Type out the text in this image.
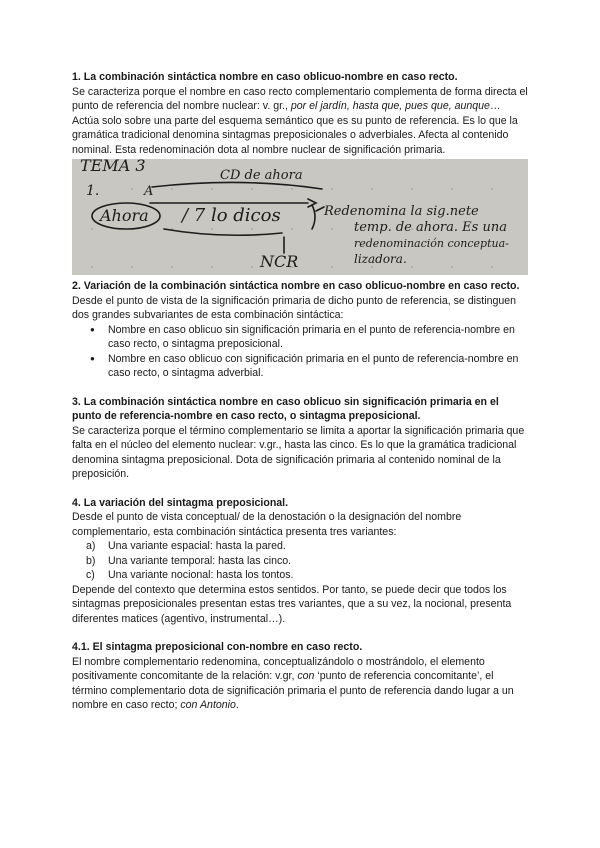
1. La combinación sintáctica nombre en caso oblicuo-nombre en caso recto.

Se caracteriza porque el nombre en caso recto complementario complementa de forma directa el punto de referencia del nombre nuclear: v. gr., por el jardín, hasta que, pues que, aunque… Actúa solo sobre una parte del esquema semántico que es su punto de referencia. Es lo que la gramática tradicional denomina sintagmas preposicionales o adverbiales. Afecta al contenido nominal. Esta redenominación dota al nombre nuclear de significación primaria.

TEMA 3
1.	A
CD de ahora
Ahora / 7 lo dicos
NCR
Redenomina la sig.nete
temp. de ahora. Es una
redenominación conceptua-
lizadora.
2. Variación de la combinación sintáctica nombre en caso oblicuo-nombre en caso recto.

Desde el punto de vista de la significación primaria de dicho punto de referencia, se distinguen dos grandes subvariantes de esta combinación sintáctica:

● Nombre en caso oblicuo sin significación primaria en el punto de referencia-nombre en caso recto, o sintagma preposicional.
● Nombre en caso oblicuo con significación primaria en el punto de referencia-nombre en caso recto, o sintagma adverbial.
3. La combinación sintáctica nombre en caso oblicuo sin significación primaria en el punto de referencia-nombre en caso recto, o sintagma preposicional.

Se caracteriza porque el término complementario se limita a aportar la significación primaria que falta en el núcleo del elemento nuclear: v.gr., hasta las cinco. Es lo que la gramática tradicional denomina sintagma preposicional. Dota de significación primaria al contenido nominal de la preposición.

4. La variación del sintagma preposicional.

Desde el punto de vista conceptual/ de la denostación o la designación del nombre complementario, esta combinación sintáctica presenta tres variantes:

a) Una variante espacial: hasta la pared.
b) Una variante temporal: hasta las cinco.
c) Una variante nocional: hasta los tontos.

Depende del contexto que determina estos sentidos. Por tanto, se puede decir que todos los sintagmas preposicionales presentan estas tres variantes, que a su vez, la nocional, presenta diferentes matices (agentivo, instrumental…).

4.1. El sintagma preposicional con-nombre en caso recto.

El nombre complementario redenomina, conceptualizándolo o mostrándolo, el elemento positivamente concomitante de la relación: v.gr, con ‘punto de referencia concomitante’, el término complementario dota de significación primaria el punto de referencia dando lugar a un nombre en caso recto; con Antonio.
